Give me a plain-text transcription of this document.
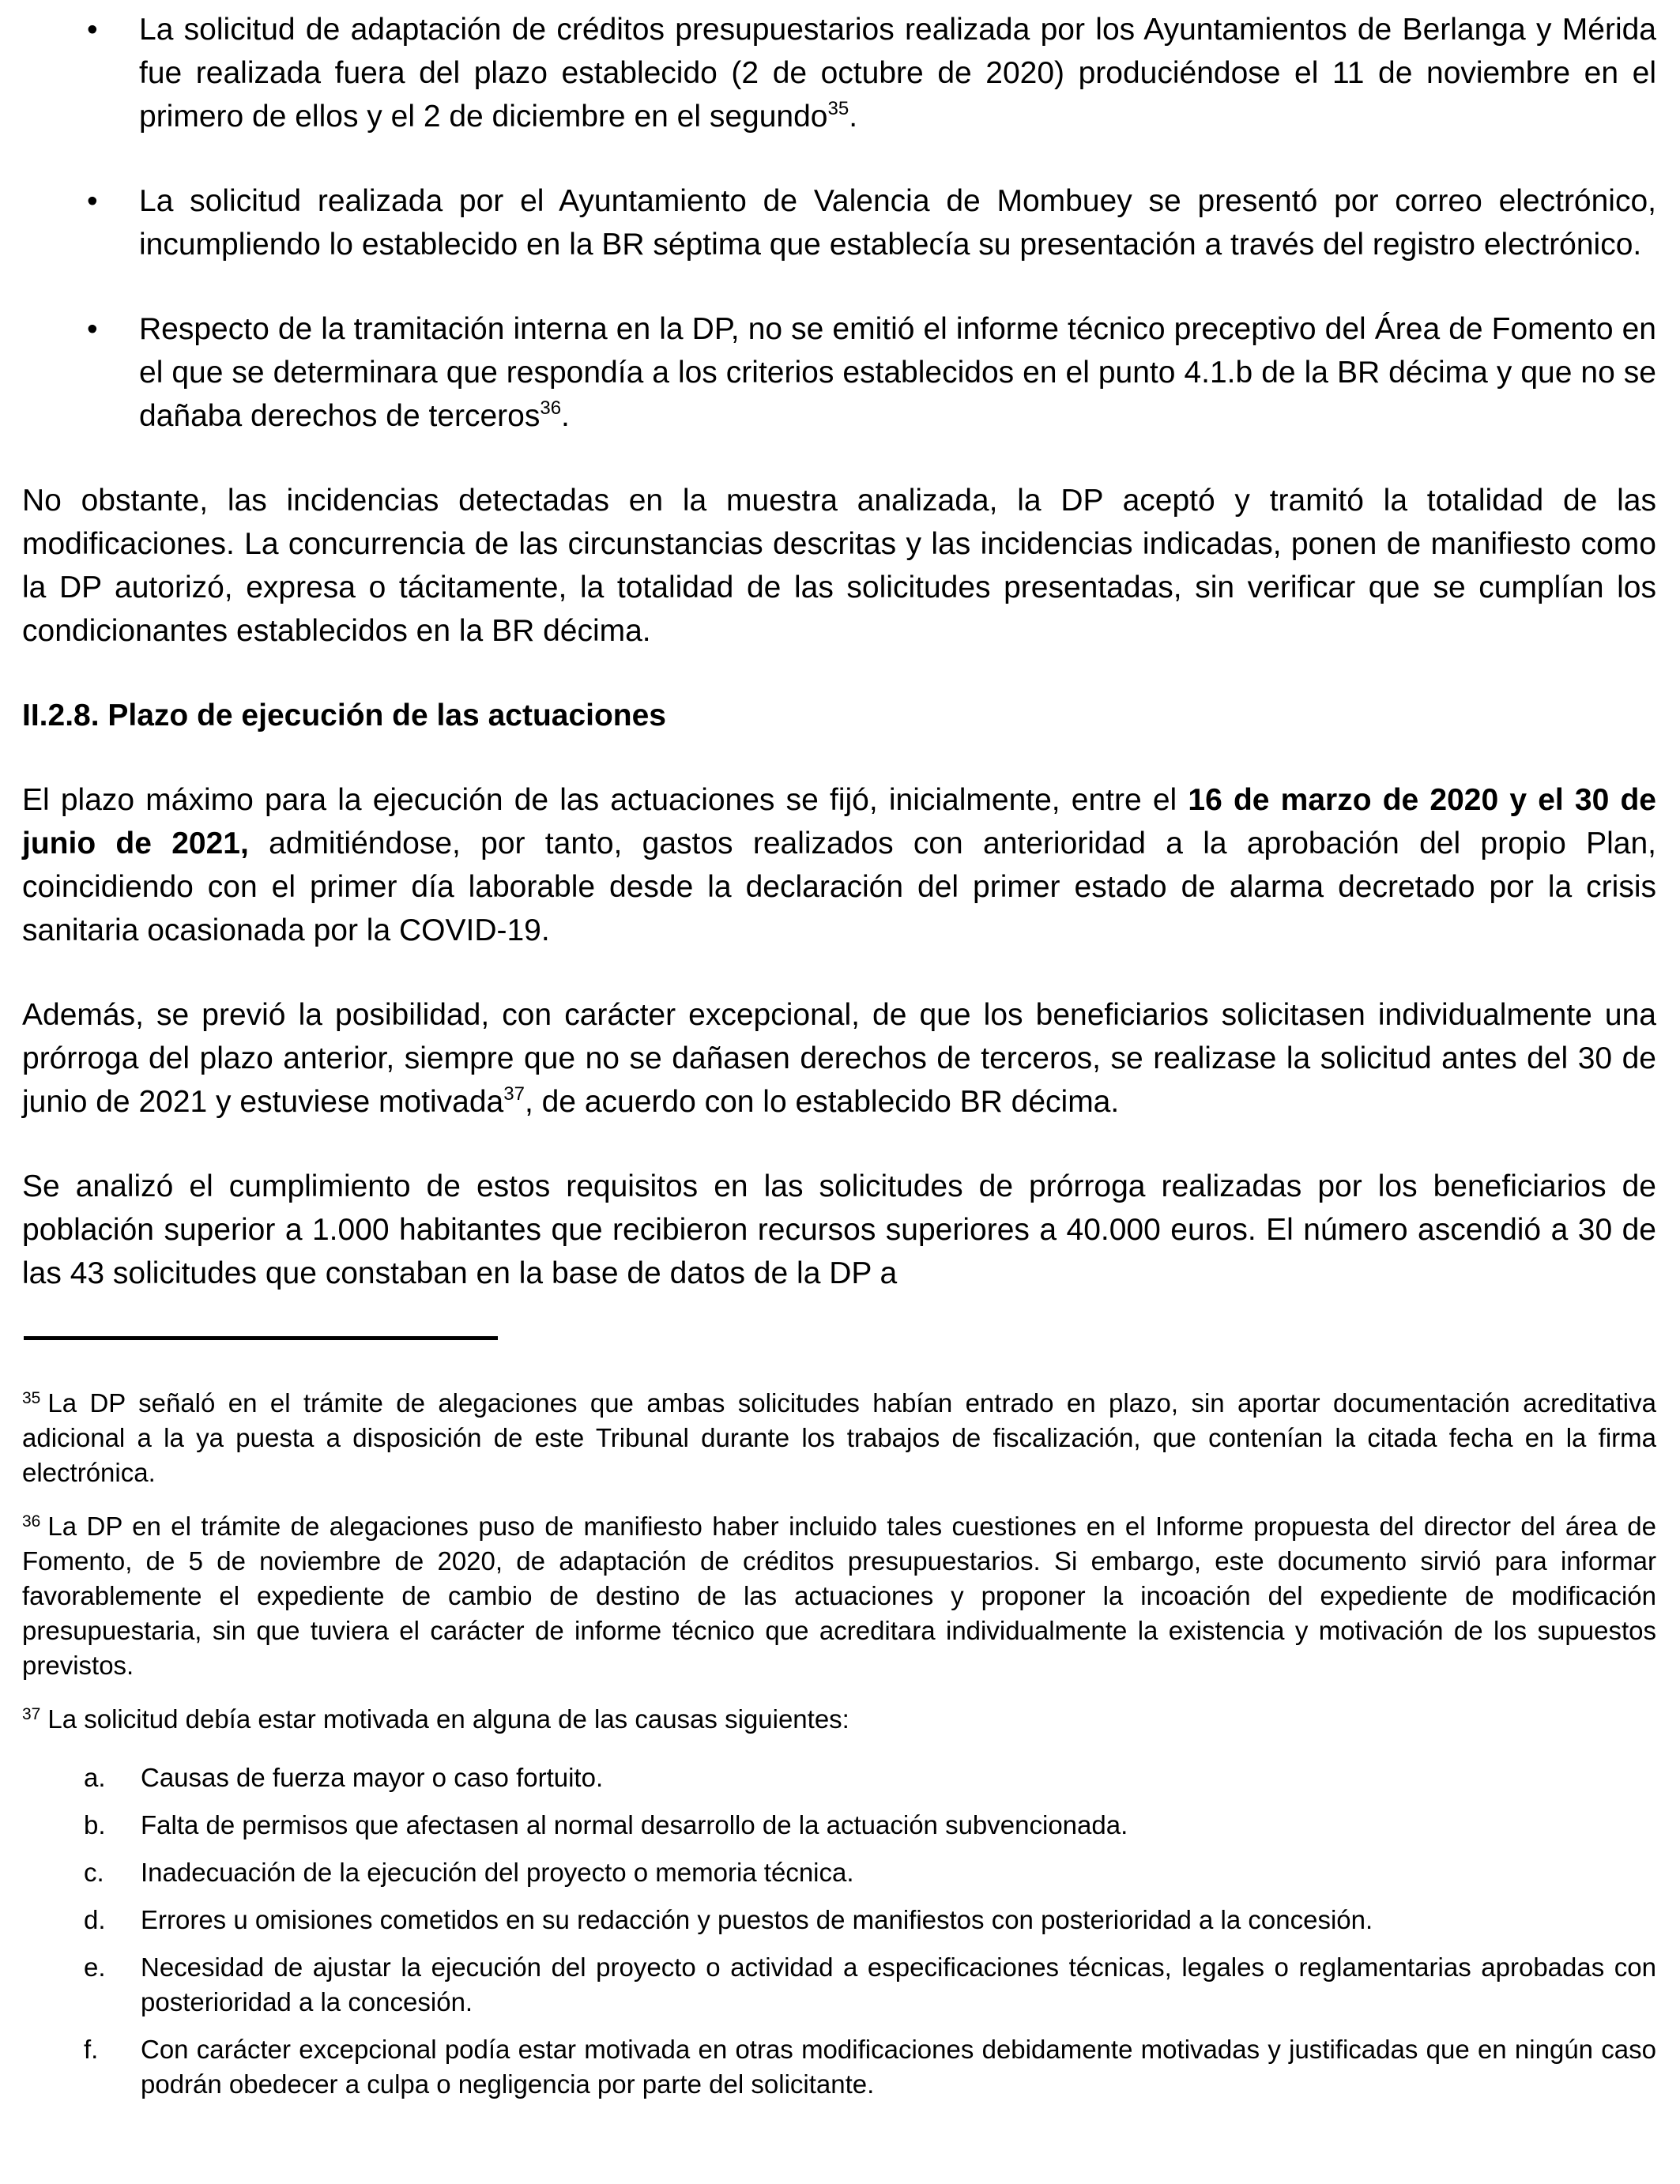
•	La solicitud de adaptación de créditos presupuestarios realizada por los Ayuntamientos de Berlanga y Mérida fue realizada fuera del plazo establecido (2 de octubre de 2020) produciéndose el 11 de noviembre en el primero de ellos y el 2 de diciembre en el segundo$^{35}$.
•	La solicitud realizada por el Ayuntamiento de Valencia de Mombuey se presentó por correo electrónico, incumpliendo lo establecido en la BR séptima que establecía su presentación a través del registro electrónico.
•	Respecto de la tramitación interna en la DP, no se emitió el informe técnico preceptivo del Área de Fomento en el que se determinara que respondía a los criterios establecidos en el punto 4.1.b de la BR décima y que no se dañaba derechos de terceros$^{36}$.

No obstante, las incidencias detectadas en la muestra analizada, la DP aceptó y tramitó la totalidad de las modificaciones. La concurrencia de las circunstancias descritas y las incidencias indicadas, ponen de manifiesto como la DP autorizó, expresa o tácitamente, la totalidad de las solicitudes presentadas, sin verificar que se cumplían los condicionantes establecidos en la BR décima.

II.2.8. Plazo de ejecución de las actuaciones

El plazo máximo para la ejecución de las actuaciones se fijó, inicialmente, entre el 16 de marzo de 2020 y el 30 de junio de 2021, admitiéndose, por tanto, gastos realizados con anterioridad a la aprobación del propio Plan, coincidiendo con el primer día laborable desde la declaración del primer estado de alarma decretado por la crisis sanitaria ocasionada por la COVID-19.

Además, se previó la posibilidad, con carácter excepcional, de que los beneficiarios solicitasen individualmente una prórroga del plazo anterior, siempre que no se dañasen derechos de terceros, se realizase la solicitud antes del 30 de junio de 2021 y estuviese motivada$^{37}$, de acuerdo con lo establecido BR décima.

Se analizó el cumplimiento de estos requisitos en las solicitudes de prórroga realizadas por los beneficiarios de población superior a 1.000 habitantes que recibieron recursos superiores a 40.000 euros. El número ascendió a 30 de las 43 solicitudes que constaban en la base de datos de la DP a

$^{35}$ La DP señaló en el trámite de alegaciones que ambas solicitudes habían entrado en plazo, sin aportar documentación acreditativa adicional a la ya puesta a disposición de este Tribunal durante los trabajos de fiscalización, que contenían la citada fecha en la firma electrónica.

$^{36}$ La DP en el trámite de alegaciones puso de manifiesto haber incluido tales cuestiones en el Informe propuesta del director del área de Fomento, de 5 de noviembre de 2020, de adaptación de créditos presupuestarios. Si embargo, este documento sirvió para informar favorablemente el expediente de cambio de destino de las actuaciones y proponer la incoación del expediente de modificación presupuestaria, sin que tuviera el carácter de informe técnico que acreditara individualmente la existencia y motivación de los supuestos previstos.

$^{37}$ La solicitud debía estar motivada en alguna de las causas siguientes:

a.	Causas de fuerza mayor o caso fortuito.
b.	Falta de permisos que afectasen al normal desarrollo de la actuación subvencionada.
c.	Inadecuación de la ejecución del proyecto o memoria técnica.
d.	Errores u omisiones cometidos en su redacción y puestos de manifiestos con posterioridad a la concesión.
e.	Necesidad de ajustar la ejecución del proyecto o actividad a especificaciones técnicas, legales o reglamentarias aprobadas con posterioridad a la concesión.
f.	Con carácter excepcional podía estar motivada en otras modificaciones debidamente motivadas y justificadas que en ningún caso podrán obedecer a culpa o negligencia por parte del solicitante.
